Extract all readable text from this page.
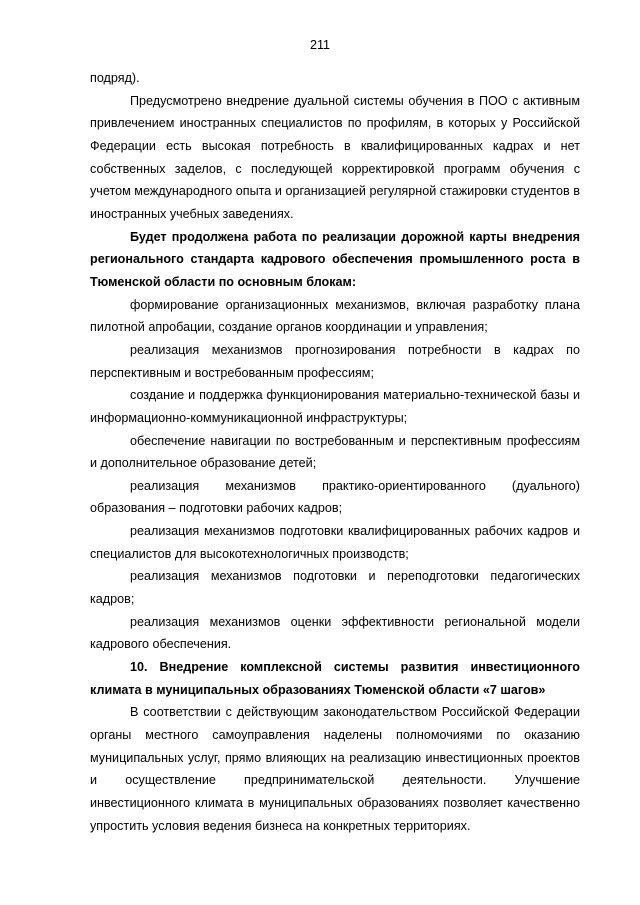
211

подряд).

Предусмотрено внедрение дуальной системы обучения в ПОО с активным привлечением иностранных специалистов по профилям, в которых у Российской Федерации есть высокая потребность в квалифицированных кадрах и нет собственных заделов, с последующей корректировкой программ обучения с учетом международного опыта и организацией регулярной стажировки студентов в иностранных учебных заведениях.

Будет продолжена работа по реализации дорожной карты внедрения регионального стандарта кадрового обеспечения промышленного роста в Тюменской области по основным блокам:

формирование организационных механизмов, включая разработку плана пилотной апробации, создание органов координации и управления;

реализация механизмов прогнозирования потребности в кадрах по перспективным и востребованным профессиям;

создание и поддержка функционирования материально-технической базы и информационно-коммуникационной инфраструктуры;

обеспечение навигации по востребованным и перспективным профессиям и дополнительное образование детей;

реализация механизмов практико-ориентированного (дуального) образования – подготовки рабочих кадров;

реализация механизмов подготовки квалифицированных рабочих кадров и специалистов для высокотехнологичных производств;

реализация механизмов подготовки и переподготовки педагогических кадров;

реализация механизмов оценки эффективности региональной модели кадрового обеспечения.

10. Внедрение комплексной системы развития инвестиционного климата в муниципальных образованиях Тюменской области «7 шагов»

В соответствии с действующим законодательством Российской Федерации органы местного самоуправления наделены полномочиями по оказанию муниципальных услуг, прямо влияющих на реализацию инвестиционных проектов и осуществление предпринимательской деятельности. Улучшение инвестиционного климата в муниципальных образованиях позволяет качественно упростить условия ведения бизнеса на конкретных территориях.
